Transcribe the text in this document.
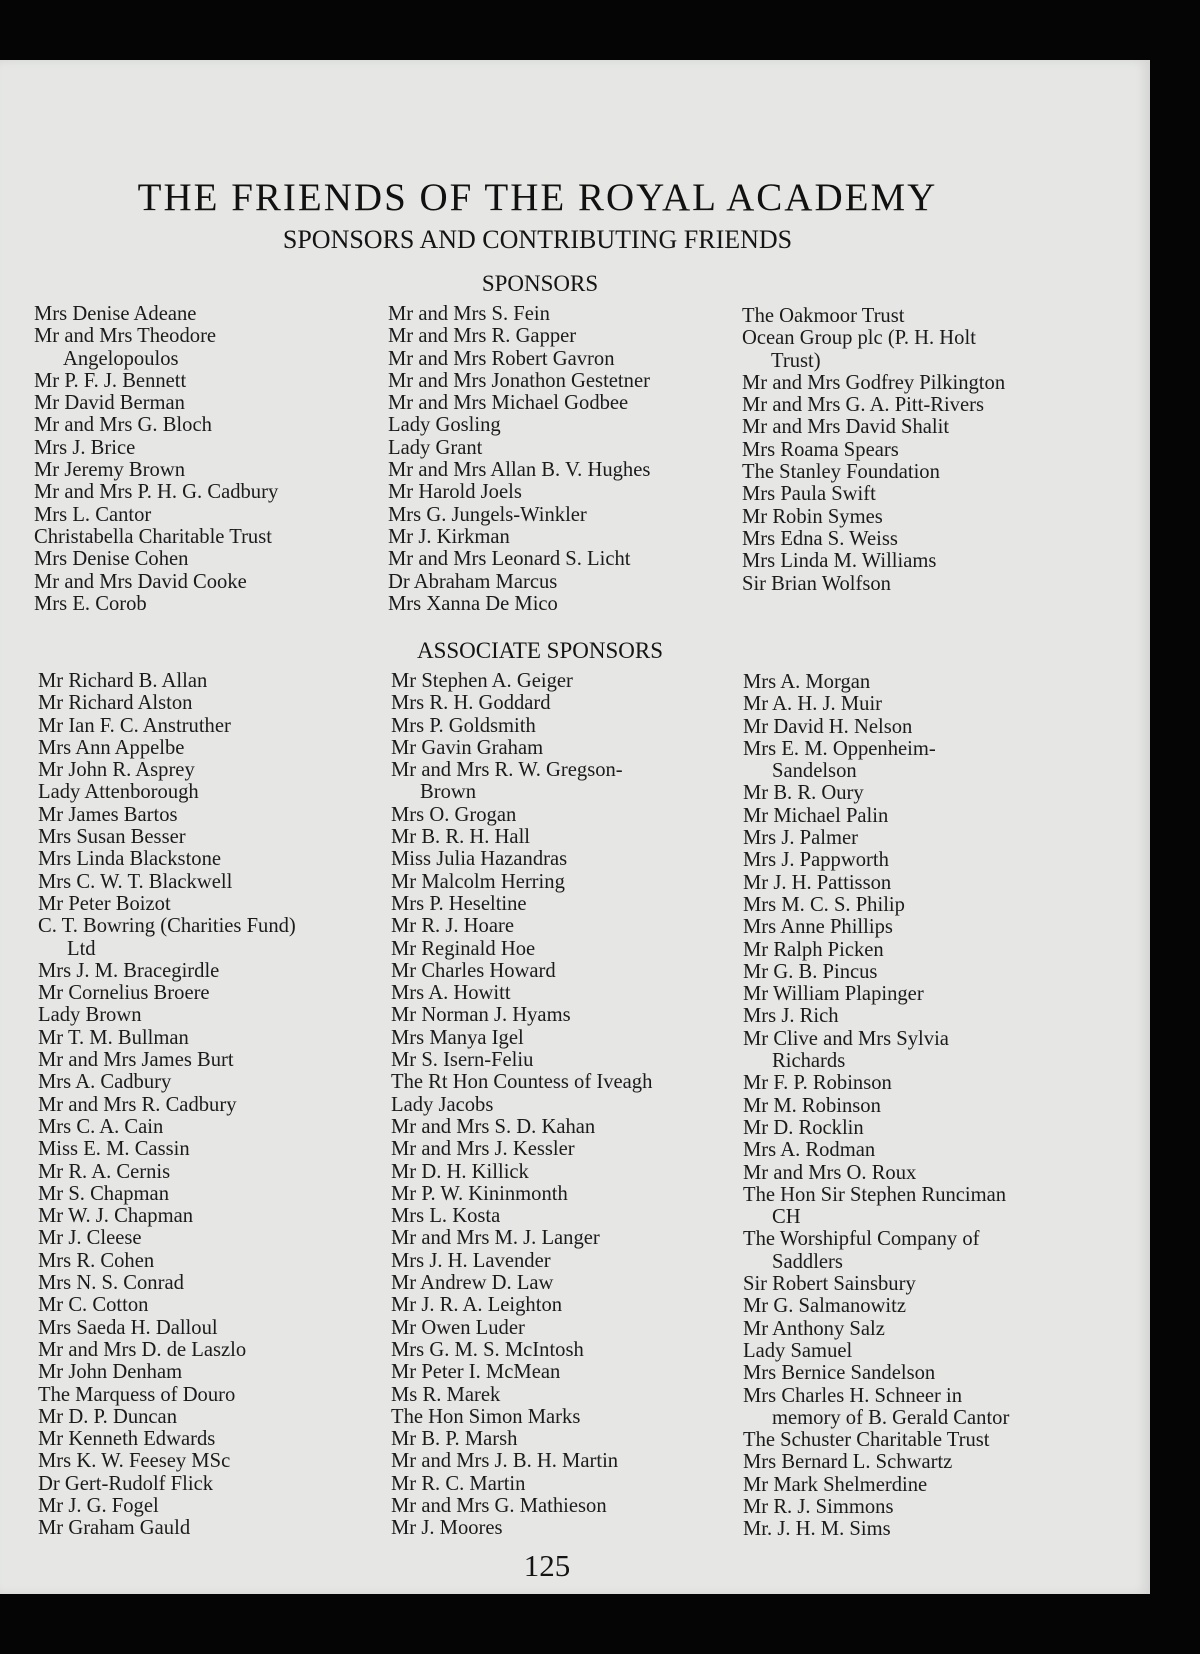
THE FRIENDS OF THE ROYAL ACADEMY
SPONSORS AND CONTRIBUTING FRIENDS
SPONSORS
Mrs Denise Adeane
Mr and Mrs Theodore
Angelopoulos
Mr P. F. J. Bennett
Mr David Berman
Mr and Mrs G. Bloch
Mrs J. Brice
Mr Jeremy Brown
Mr and Mrs P. H. G. Cadbury
Mrs L. Cantor
Christabella Charitable Trust
Mrs Denise Cohen
Mr and Mrs David Cooke
Mrs E. Corob
Mr and Mrs S. Fein
Mr and Mrs R. Gapper
Mr and Mrs Robert Gavron
Mr and Mrs Jonathon Gestetner
Mr and Mrs Michael Godbee
Lady Gosling
Lady Grant
Mr and Mrs Allan B. V. Hughes
Mr Harold Joels
Mrs G. Jungels-Winkler
Mr J. Kirkman
Mr and Mrs Leonard S. Licht
Dr Abraham Marcus
Mrs Xanna De Mico
The Oakmoor Trust
Ocean Group plc (P. H. Holt
Trust)
Mr and Mrs Godfrey Pilkington
Mr and Mrs G. A. Pitt-Rivers
Mr and Mrs David Shalit
Mrs Roama Spears
The Stanley Foundation
Mrs Paula Swift
Mr Robin Symes
Mrs Edna S. Weiss
Mrs Linda M. Williams
Sir Brian Wolfson
ASSOCIATE SPONSORS
Mr Richard B. Allan
Mr Richard Alston
Mr Ian F. C. Anstruther
Mrs Ann Appelbe
Mr John R. Asprey
Lady Attenborough
Mr James Bartos
Mrs Susan Besser
Mrs Linda Blackstone
Mrs C. W. T. Blackwell
Mr Peter Boizot
C. T. Bowring (Charities Fund)
Ltd
Mrs J. M. Bracegirdle
Mr Cornelius Broere
Lady Brown
Mr T. M. Bullman
Mr and Mrs James Burt
Mrs A. Cadbury
Mr and Mrs R. Cadbury
Mrs C. A. Cain
Miss E. M. Cassin
Mr R. A. Cernis
Mr S. Chapman
Mr W. J. Chapman
Mr J. Cleese
Mrs R. Cohen
Mrs N. S. Conrad
Mr C. Cotton
Mrs Saeda H. Dalloul
Mr and Mrs D. de Laszlo
Mr John Denham
The Marquess of Douro
Mr D. P. Duncan
Mr Kenneth Edwards
Mrs K. W. Feesey MSc
Dr Gert-Rudolf Flick
Mr J. G. Fogel
Mr Graham Gauld
Mr Stephen A. Geiger
Mrs R. H. Goddard
Mrs P. Goldsmith
Mr Gavin Graham
Mr and Mrs R. W. Gregson-
Brown
Mrs O. Grogan
Mr B. R. H. Hall
Miss Julia Hazandras
Mr Malcolm Herring
Mrs P. Heseltine
Mr R. J. Hoare
Mr Reginald Hoe
Mr Charles Howard
Mrs A. Howitt
Mr Norman J. Hyams
Mrs Manya Igel
Mr S. Isern-Feliu
The Rt Hon Countess of Iveagh
Lady Jacobs
Mr and Mrs S. D. Kahan
Mr and Mrs J. Kessler
Mr D. H. Killick
Mr P. W. Kininmonth
Mrs L. Kosta
Mr and Mrs M. J. Langer
Mrs J. H. Lavender
Mr Andrew D. Law
Mr J. R. A. Leighton
Mr Owen Luder
Mrs G. M. S. McIntosh
Mr Peter I. McMean
Ms R. Marek
The Hon Simon Marks
Mr B. P. Marsh
Mr and Mrs J. B. H. Martin
Mr R. C. Martin
Mr and Mrs G. Mathieson
Mr J. Moores
Mrs A. Morgan
Mr A. H. J. Muir
Mr David H. Nelson
Mrs E. M. Oppenheim-
Sandelson
Mr B. R. Oury
Mr Michael Palin
Mrs J. Palmer
Mrs J. Pappworth
Mr J. H. Pattisson
Mrs M. C. S. Philip
Mrs Anne Phillips
Mr Ralph Picken
Mr G. B. Pincus
Mr William Plapinger
Mrs J. Rich
Mr Clive and Mrs Sylvia
Richards
Mr F. P. Robinson
Mr M. Robinson
Mr D. Rocklin
Mrs A. Rodman
Mr and Mrs O. Roux
The Hon Sir Stephen Runciman
CH
The Worshipful Company of
Saddlers
Sir Robert Sainsbury
Mr G. Salmanowitz
Mr Anthony Salz
Lady Samuel
Mrs Bernice Sandelson
Mrs Charles H. Schneer in
memory of B. Gerald Cantor
The Schuster Charitable Trust
Mrs Bernard L. Schwartz
Mr Mark Shelmerdine
Mr R. J. Simmons
Mr. J. H. M. Sims
125
